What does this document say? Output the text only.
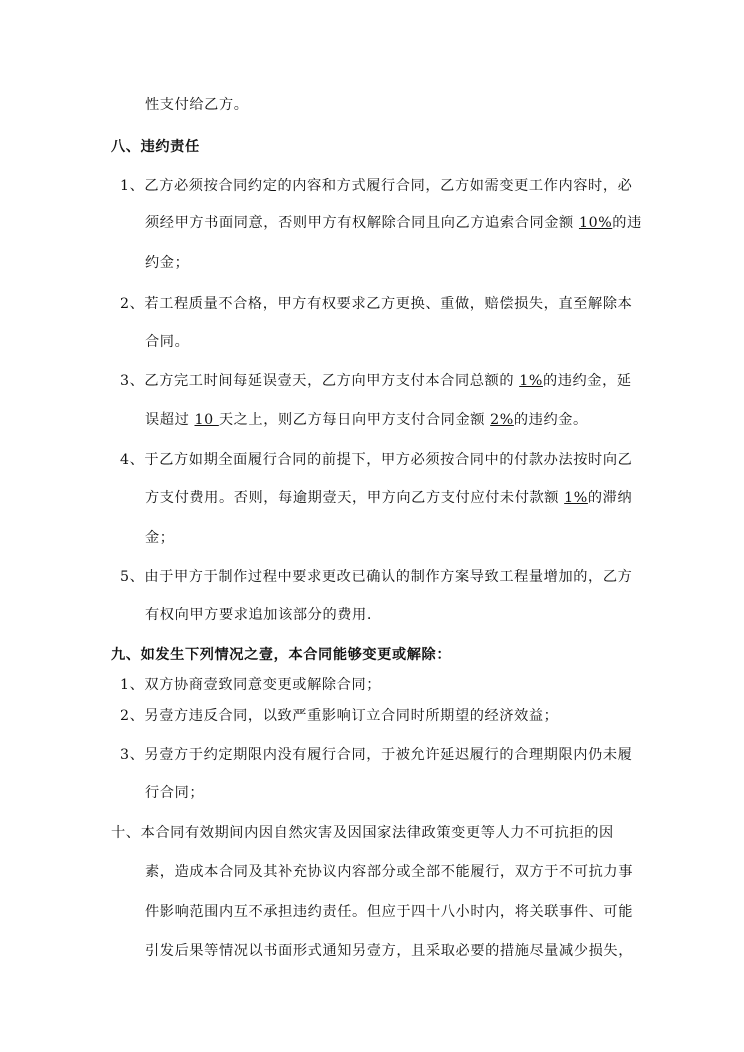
性支付给乙方。
八、违约责任
1、乙方必须按合同约定的内容和方式履行合同，乙方如需变更工作内容时，必
须经甲方书面同意，否则甲方有权解除合同且向乙方追索合同金额 10%的违
约金；
2、若工程质量不合格，甲方有权要求乙方更换、重做，赔偿损失，直至解除本
合同。
3、乙方完工时间每延误壹天，乙方向甲方支付本合同总额的 1%的违约金，延
误超过 10 天之上，则乙方每日向甲方支付合同金额 2%的违约金。
4、于乙方如期全面履行合同的前提下，甲方必须按合同中的付款办法按时向乙
方支付费用。否则，每逾期壹天，甲方向乙方支付应付未付款额 1%的滞纳
金；
5、由于甲方于制作过程中要求更改已确认的制作方案导致工程量增加的，乙方
有权向甲方要求追加该部分的费用.
九、如发生下列情况之壹，本合同能够变更或解除：
1、双方协商壹致同意变更或解除合同；
2、另壹方违反合同，以致严重影响订立合同时所期望的经济效益；
3、另壹方于约定期限内没有履行合同，于被允许延迟履行的合理期限内仍未履
行合同；
十、本合同有效期间内因自然灾害及因国家法律政策变更等人力不可抗拒的因
素，造成本合同及其补充协议内容部分或全部不能履行，双方于不可抗力事
件影响范围内互不承担违约责任。但应于四十八小时内，将关联事件、可能
引发后果等情况以书面形式通知另壹方，且采取必要的措施尽量减少损失，
